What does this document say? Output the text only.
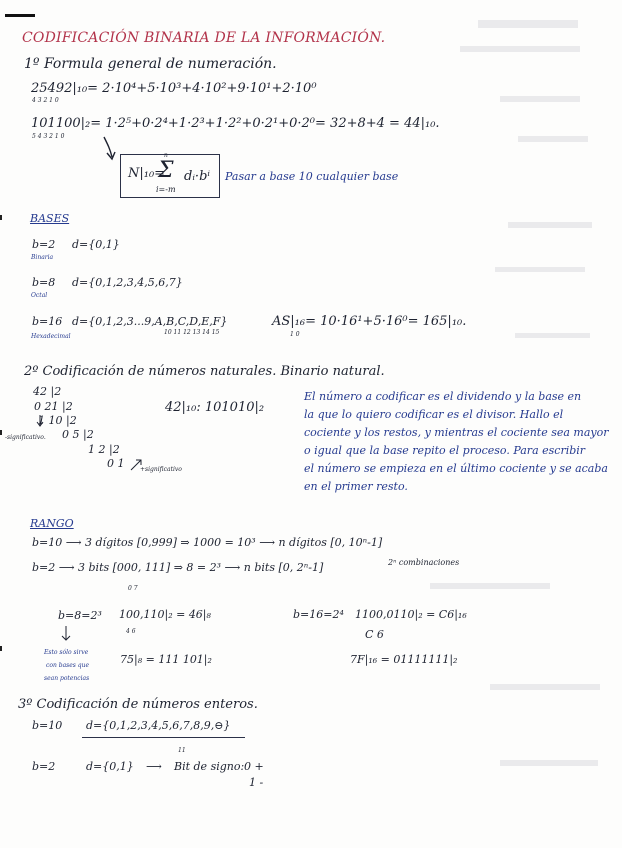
CODIFICACIÓN BINARIA DE LA INFORMACIÓN.
1º Formula general de numeración.
25492|₁₀= 2·10⁴+5·10³+4·10²+9·10¹+2·10⁰
4 3 2 1 0
101100|₂= 1·2⁵+0·2⁴+1·2³+1·2²+0·2¹+0·2⁰= 32+8+4 = 44|₁₀.
5 4 3 2 1 0
N|₁₀=
Σ
n
i=-m
dᵢ·bⁱ Pasar a base 10 cualquier base
BASES
b=2 d={0,1}
Binaria
b=8 d={0,1,2,3,4,5,6,7}
Octal
b=16 d={0,1,2,3...9,A,B,C,D,E,F}
10 11 12 13 14 15
Hexadecimal
AS|₁₆= 10·16¹+5·16⁰= 165|₁₀.
1 0
2º Codificación de números naturales. Binario natural.
42 |2
0 21 |2
1 10 |2
0 5 |2
1 2 |2
0 1
-significativo.
+significativo
42|₁₀: 101010|₂
El número a codificar es el dividendo y la base en
la que lo quiero codificar es el divisor. Hallo el
cociente y los restos, y mientras el cociente sea mayor
o igual que la base repito el proceso. Para escribir
el número se empieza en el último cociente y se acaba
en el primer resto.
RANGO
b=10 ⟶ 3 dígitos [0,999] ⇒ 1000 = 10³ ⟶ n dígitos [0, 10ⁿ-1]
b=2 ⟶ 3 bits [000, 111] ⇒ 8 = 2³ ⟶ n bits [0, 2ⁿ-1]
0 7
2ⁿ combinaciones
b=8=2³
Esto sólo sirve
con bases que
sean potencias
100,110|₂ = 46|₈
4 6
75|₈ = 111 101|₂
b=16=2⁴ 1100,0110|₂ = C6|₁₆
C 6
7F|₁₆ = 01111111|₂
3º Codificación de números enteros.
b=10 d={0,1,2,3,4,5,6,7,8,9,⊖}
11
b=2	d={0,1} ⟶ Bit de signo: 0 +
1 -
